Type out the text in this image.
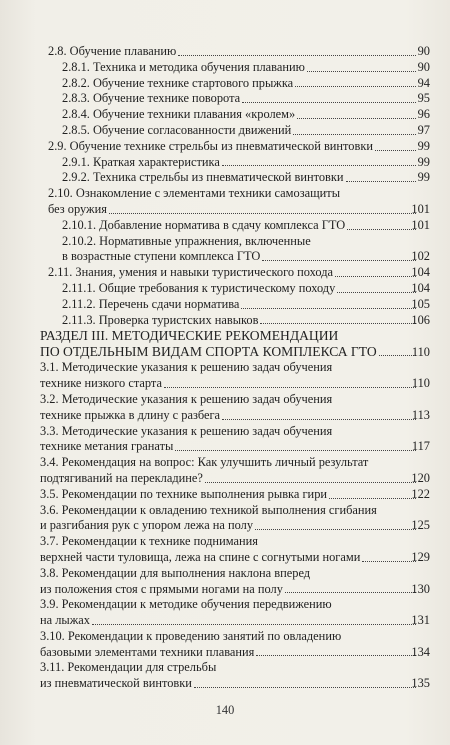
2.8. Обучение плаванию	90
2.8.1. Техника и методика обучения плаванию	90
2.8.2. Обучение технике стартового прыжка	94
2.8.3. Обучение технике поворота	95
2.8.4. Обучение техники плавания «кролем»	96
2.8.5. Обучение согласованности движений	97
2.9. Обучение технике стрельбы из пневматической винтовки	99
2.9.1. Краткая характеристика	99
2.9.2. Техника стрельбы из пневматической винтовки	99
2.10. Ознакомление с элементами техники самозащиты
без оружия	101
2.10.1. Добавление норматива в сдачу комплекса ГТО	101
2.10.2. Нормативные упражнения, включенные
в возрастные ступени комплекса ГТО	102
2.11. Знания, умения и навыки туристического похода	104
2.11.1. Общие требования к туристическому походу	104
2.11.2. Перечень сдачи норматива	105
2.11.3. Проверка туристских навыков	106
РАЗДЕЛ III. МЕТОДИЧЕСКИЕ РЕКОМЕНДАЦИИ
ПО ОТДЕЛЬНЫМ ВИДАМ СПОРТА КОМПЛЕКСА ГТО	110
3.1. Методические указания к решению задач обучения
технике низкого старта	110
3.2. Методические указания к решению задач обучения
технике прыжка в длину с разбега	113
3.3. Методические указания к решению задач обучения
технике метания гранаты	117
3.4. Рекомендация на вопрос: Как улучшить личный результат
подтягиваний на перекладине?	120
3.5. Рекомендации по технике выполнения рывка гири	122
3.6. Рекомендации к овладению техникой выполнения сгибания
и разгибания рук с упором лежа на полу	125
3.7. Рекомендации к технике поднимания
верхней части туловища, лежа на спине с согнутыми ногами	129
3.8. Рекомендации для выполнения наклона вперед
из положения стоя с прямыми ногами на полу	130
3.9. Рекомендации к методике обучения передвижению
на лыжах	131
3.10. Рекомендации к проведению занятий по овладению
базовыми элементами техники плавания	134
3.11. Рекомендации для стрельбы
из пневматической винтовки	135
140
